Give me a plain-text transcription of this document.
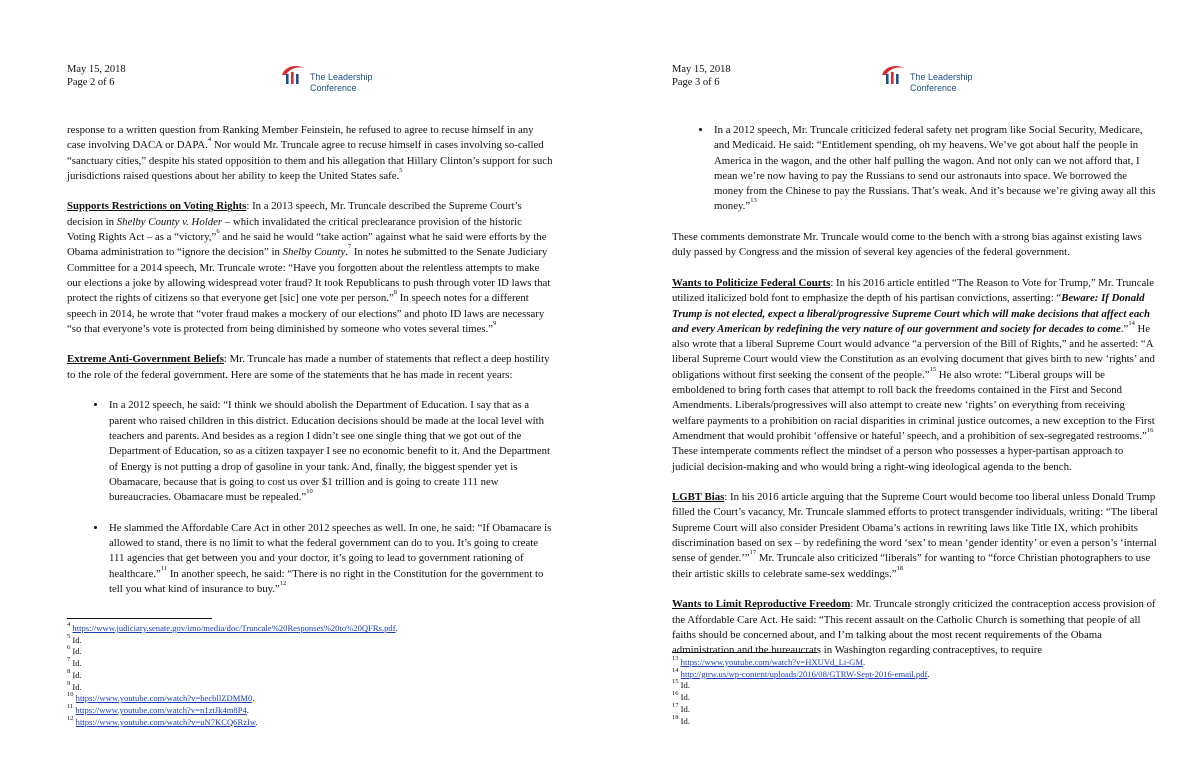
May 15, 2018
Page 2 of 6	The Leadership
Conference

response to a written question from Ranking Member Feinstein, he refused to agree to recuse himself in any case involving DACA or DAPA.$^4$ Nor would Mr. Truncale agree to recuse himself in cases involving so-called “sanctuary cities,” despite his stated opposition to them and his allegation that Hillary Clinton’s support for such jurisdictions raised questions about her ability to keep the United States safe.$^5$

Supports Restrictions on Voting Rights: In a 2013 speech, Mr. Truncale described the Supreme Court’s decision in Shelby County v. Holder – which invalidated the critical preclearance provision of the historic Voting Rights Act – as a “victory,”$^6$ and he said he would “take action” against what he said were efforts by the Obama administration to “ignore the decision” in Shelby County.$^7$ In notes he submitted to the Senate Judiciary Committee for a 2014 speech, Mr. Truncale wrote: “Have you forgotten about the relentless attempts to make our elections a joke by allowing widespread voter fraud? It took Republicans to push through voter ID laws that protect the rights of citizens so that everyone get [sic] one vote per person.”$^8$ In speech notes for a different speech in 2014, he wrote that “voter fraud makes a mockery of our elections” and photo ID laws are necessary “so that everyone’s vote is protected from being diminished by someone who votes several times.”$^9$

Extreme Anti-Government Beliefs: Mr. Truncale has made a number of statements that reflect a deep hostility to the role of the federal government. Here are some of the statements that he has made in recent years:

• In a 2012 speech, he said: “I think we should abolish the Department of Education. I say that as a parent who raised children in this district. Education decisions should be made at the local level with teachers and parents. And besides as a region I didn’t see one single thing that we got out of the Department of Education, so as a citizen taxpayer I see no economic benefit to it. And the Department of Energy is not putting a drop of gasoline in your tank. And, finally, the biggest spender yet is Obamacare, because that is going to cost us over $1 trillion and is going to create 111 new bureaucracies. Obamacare must be repealed.”$^{10}$
• He slammed the Affordable Care Act in other 2012 speeches as well. In one, he said: “If Obamacare is allowed to stand, there is no limit to what the federal government can do to you. It’s going to create 111 agencies that get between you and your doctor, it’s going to lead to government rationing of healthcare.”$^{11}$ In another speech, he said: “There is no right in the Constitution for the government to tell you what kind of insurance to buy.”$^{12}$
$^4$ https://www.judiciary.senate.gov/imo/media/doc/Truncale%20Responses%20to%20QFRs.pdf.
$^5$ Id.
$^6$ Id.
$^7$ Id.
$^8$ Id.
$^9$ Id.
$^{10}$ https://www.youtube.com/watch?v=becbllZDMM0.
$^{11}$ https://www.youtube.com/watch?v=n1ztJk4m8P4.
$^{12}$ https://www.youtube.com/watch?v=uN7KCQ6RzIw.
May 15, 2018
Page 3 of 6	The Leadership
Conference
• In a 2012 speech, Mr. Truncale criticized federal safety net program like Social Security, Medicare, and Medicaid. He said: “Entitlement spending, oh my heavens. We’ve got about half the people in America in the wagon, and the other half pulling the wagon. And not only can we not afford that, I mean we’re now having to pay the Russians to send our astronauts into space. We borrowed the money from the Chinese to pay the Russians. That’s weak. And it’s because we’re giving away all this money.”$^{13}$

These comments demonstrate Mr. Truncale would come to the bench with a strong bias against existing laws duly passed by Congress and the mission of several key agencies of the federal government.

Wants to Politicize Federal Courts: In his 2016 article entitled “The Reason to Vote for Trump,” Mr. Truncale utilized italicized bold font to emphasize the depth of his partisan convictions, asserting: “Beware: If Donald Trump is not elected, expect a liberal/progressive Supreme Court which will make decisions that affect each and every American by redefining the very nature of our government and society for decades to come.”$^{14}$ He also wrote that a liberal Supreme Court would advance “a perversion of the Bill of Rights,” and he asserted: “A liberal Supreme Court would view the Constitution as an evolving document that gives birth to new ‘rights’ and obligations without first seeking the consent of the people.”$^{15}$ He also wrote: “Liberal groups will be emboldened to bring forth cases that attempt to roll back the freedoms contained in the First and Second Amendments. Liberals/progressives will also attempt to create new ‘rights’ on everything from receiving welfare payments to a prohibition on racial disparities in criminal justice outcomes, a new exception to the First Amendment that would prohibit ‘offensive or hateful’ speech, and a prohibition of sex-segregated restrooms.”$^{16}$ These intemperate comments reflect the mindset of a person who possesses a hyper-partisan approach to judicial decision-making and who would bring a right-wing ideological agenda to the bench.

LGBT Bias: In his 2016 article arguing that the Supreme Court would become too liberal unless Donald Trump filled the Court’s vacancy, Mr. Truncale slammed efforts to protect transgender individuals, writing: “The liberal Supreme Court will also consider President Obama’s actions in rewriting laws like Title IX, which prohibits discrimination based on sex – by redefining the word ‘sex’ to mean ‘gender identity’ or even a person’s ‘internal sense of gender.’”$^{17}$ Mr. Truncale also criticized “liberals” for wanting to “force Christian photographers to use their artistic skills to celebrate same-sex weddings.”$^{18}$

Wants to Limit Reproductive Freedom: Mr. Truncale strongly criticized the contraception access provision of the Affordable Care Act. He said: “This recent assault on the Catholic Church is something that people of all faiths should be concerned about, and I’m talking about the most recent requirements of the Obama administration and the bureaucrats in Washington regarding contraceptives, to require

$^{13}$ https://www.youtube.com/watch?v=HXUVd_Li-GM.
$^{14}$ http://gtrw.us/wp-content/uploads/2016/08/GTRW-Sept-2016-email.pdf.
$^{15}$ Id.
$^{16}$ Id.
$^{17}$ Id.
$^{18}$ Id.
